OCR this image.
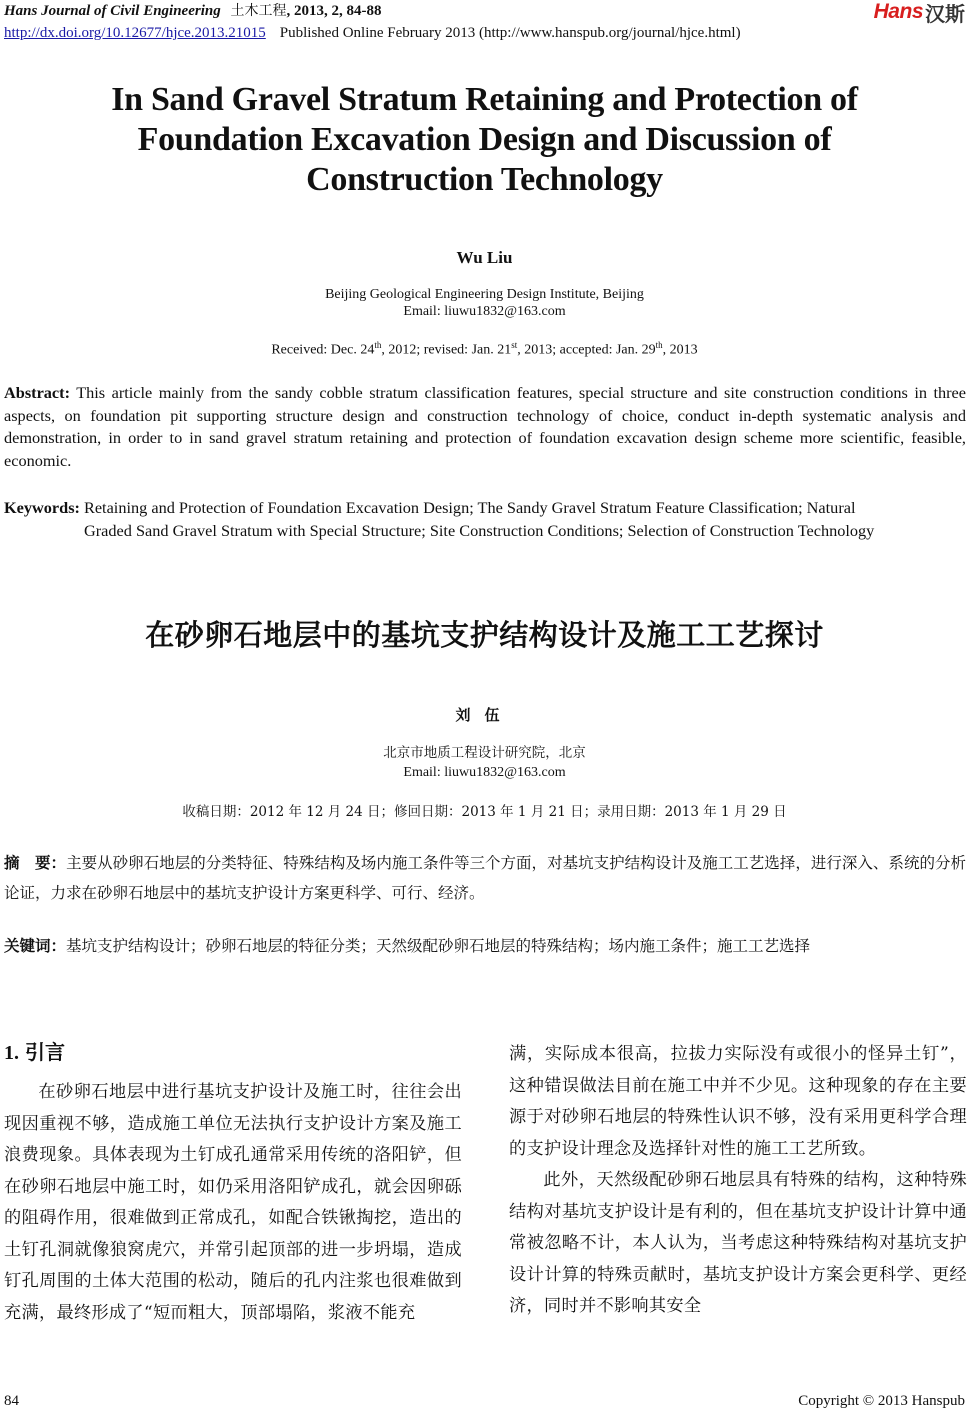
Hans Journal of Civil Engineering 土木工程, 2013, 2, 84-88	Hans 汉斯
http://dx.doi.org/10.12677/hjce.2013.21015 Published Online February 2013 (http://www.hanspub.org/journal/hjce.html)
In Sand Gravel Stratum Retaining and Protection of Foundation Excavation Design and Discussion of Construction Technology
Wu Liu
Beijing Geological Engineering Design Institute, Beijing
Email: liuwu1832@163.com
Received: Dec. 24th, 2012; revised: Jan. 21st, 2013; accepted: Jan. 29th, 2013
Abstract: This article mainly from the sandy cobble stratum classification features, special structure and site construction conditions in three aspects, on foundation pit supporting structure design and construction technology of choice, conduct in-depth systematic analysis and demonstration, in order to in sand gravel stratum retaining and protection of foundation excavation design scheme more scientific, feasible, economic.
Keywords: Retaining and Protection of Foundation Excavation Design; The Sandy Gravel Stratum Feature Classification; Natural Graded Sand Gravel Stratum with Special Structure; Site Construction Conditions; Selection of Construction Technology
在砂卵石地层中的基坑支护结构设计及施工工艺探讨
刘伍
北京市地质工程设计研究院，北京
Email: liuwu1832@163.com
收稿日期：2012 年 12 月 24 日；修回日期：2013 年 1 月 21 日；录用日期：2013 年 1 月 29 日
摘　要：主要从砂卵石地层的分类特征、特殊结构及场内施工条件等三个方面，对基坑支护结构设计及施工工艺选择，进行深入、系统的分析论证，力求在砂卵石地层中的基坑支护设计方案更科学、可行、经济。
关键词： 基坑支护结构设计；砂卵石地层的特征分类；天然级配砂卵石地层的特殊结构；场内施工条件；施工工艺选择
1. 引言

在砂卵石地层中进行基坑支护设计及施工时，往往会出现因重视不够，造成施工单位无法执行支护设计方案及施工浪费现象。具体表现为土钉成孔通常采用传统的洛阳铲，但在砂卵石地层中施工时，如仍采用洛阳铲成孔，就会因卵砾的阻碍作用，很难做到正常成孔，如配合铁锹掏挖，造出的土钉孔洞就像狼窝虎穴，并常引起顶部的进一步坍塌，造成钉孔周围的土体大范围的松动，随后的孔内注浆也很难做到充满，最终形成了“短而粗大，顶部塌陷，浆液不能充

满，实际成本很高，拉拔力实际没有或很小的怪异土钉”，这种错误做法目前在施工中并不少见。这种现象的存在主要源于对砂卵石地层的特殊性认识不够，没有采用更科学合理的支护设计理念及选择针对性的施工工艺所致。

此外，天然级配砂卵石地层具有特殊的结构，这种特殊结构对基坑支护设计是有利的，但在基坑支护设计计算中通常被忽略不计，本人认为，当考虑这种特殊结构对基坑支护设计计算的特殊贡献时，基坑支护设计方案会更科学、更经济，同时并不影响其安全

84	Copyright © 2013 Hanspub
